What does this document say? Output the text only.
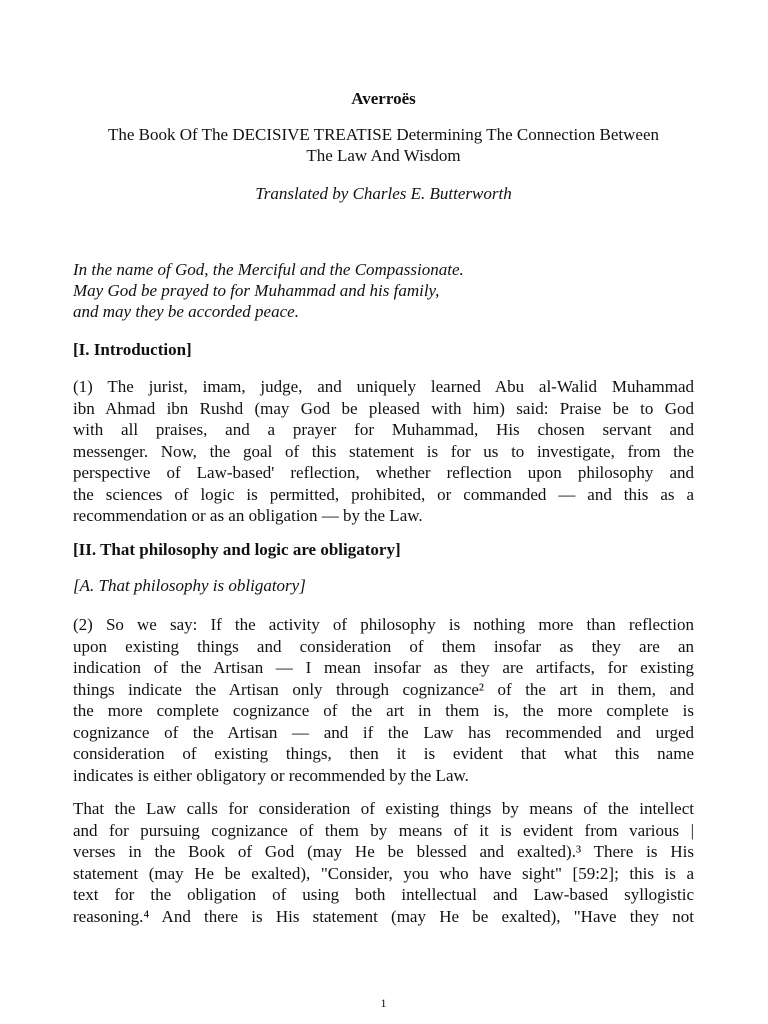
Averroës
The Book Of The DECISIVE TREATISE Determining The Connection Between
The Law And Wisdom
Translated by Charles E. Butterworth
In the name of God, the Merciful and the Compassionate.
May God be prayed to for Muhammad and his family,
and may they be accorded peace.
[I. Introduction]
(1) The jurist, imam, judge, and uniquely learned Abu al-Walid Muhammad
ibn Ahmad ibn Rushd (may God be pleased with him) said: Praise be to God
with all praises, and a prayer for Muhammad, His chosen servant and
messenger. Now, the goal of this statement is for us to investigate, from the
perspective of Law-based' reflection, whether reflection upon philosophy and
the sciences of logic is permitted, prohibited, or commanded — and this as a
recommendation or as an obligation — by the Law.
[II. That philosophy and logic are obligatory]
[A. That philosophy is obligatory]
(2) So we say: If the activity of philosophy is nothing more than reflection
upon existing things and consideration of them insofar as they are an
indication of the Artisan — I mean insofar as they are artifacts, for existing
things indicate the Artisan only through cognizance² of the art in them, and
the more complete cognizance of the art in them is, the more complete is
cognizance of the Artisan — and if the Law has recommended and urged
consideration of existing things, then it is evident that what this name
indicates is either obligatory or recommended by the Law.
That the Law calls for consideration of existing things by means of the intellect
and for pursuing cognizance of them by means of it is evident from various |
verses in the Book of God (may He be blessed and exalted).³ There is His
statement (may He be exalted), "Consider, you who have sight" [59:2]; this is a
text for the obligation of using both intellectual and Law-based syllogistic
reasoning.⁴ And there is His statement (may He be exalted), "Have they not
1
